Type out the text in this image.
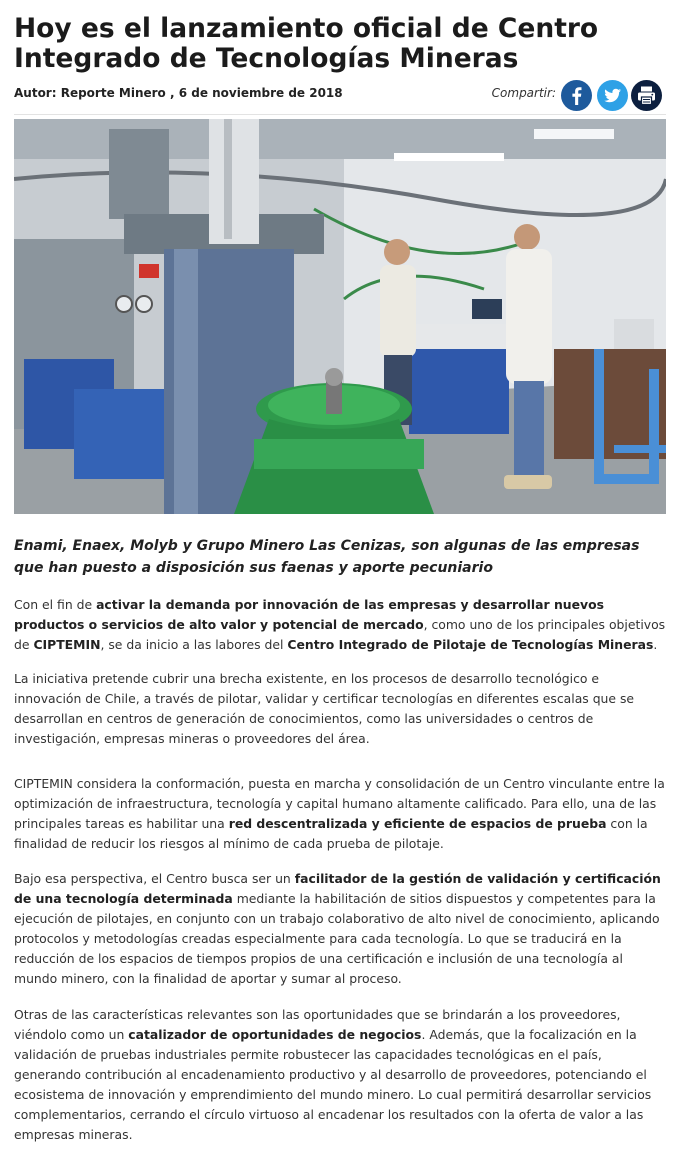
Hoy es el lanzamiento oficial de Centro Integrado de Tecnologías Mineras
Autor: Reporte Minero , 6 de noviembre de 2018	Compartir:

Enami, Enaex, Molyb y Grupo Minero Las Cenizas, son algunas de las empresas que han puesto a disposición sus faenas y aporte pecuniario

Con el fin de activar la demanda por innovación de las empresas y desarrollar nuevos productos o servicios de alto valor y potencial de mercado, como uno de los principales objetivos de CIPTEMIN, se da inicio a las labores del Centro Integrado de Pilotaje de Tecnologías Mineras.

La iniciativa pretende cubrir una brecha existente, en los procesos de desarrollo tecnológico e innovación de Chile, a través de pilotar, validar y certificar tecnologías en diferentes escalas que se desarrollan en centros de generación de conocimientos, como las universidades o centros de investigación, empresas mineras o proveedores del área.

CIPTEMIN considera la conformación, puesta en marcha y consolidación de un Centro vinculante entre la optimización de infraestructura, tecnología y capital humano altamente calificado. Para ello, una de las principales tareas es habilitar una red descentralizada y eficiente de espacios de prueba con la finalidad de reducir los riesgos al mínimo de cada prueba de pilotaje.

Bajo esa perspectiva, el Centro busca ser un facilitador de la gestión de validación y certificación de una tecnología determinada mediante la habilitación de sitios dispuestos y competentes para la ejecución de pilotajes, en conjunto con un trabajo colaborativo de alto nivel de conocimiento, aplicando protocolos y metodologías creadas especialmente para cada tecnología. Lo que se traducirá en la reducción de los espacios de tiempos propios de una certificación e inclusión de una tecnología al mundo minero, con la finalidad de aportar y sumar al proceso.

Otras de las características relevantes son las oportunidades que se brindarán a los proveedores, viéndolo como un catalizador de oportunidades de negocios. Además, que la focalización en la validación de pruebas industriales permite robustecer las capacidades tecnológicas en el país, generando contribución al encadenamiento productivo y al desarrollo de proveedores, potenciando el ecosistema de innovación y emprendimiento del mundo minero. Lo cual permitirá desarrollar servicios complementarios, cerrando el círculo virtuoso al encadenar los resultados con la oferta de valor a las empresas mineras.
